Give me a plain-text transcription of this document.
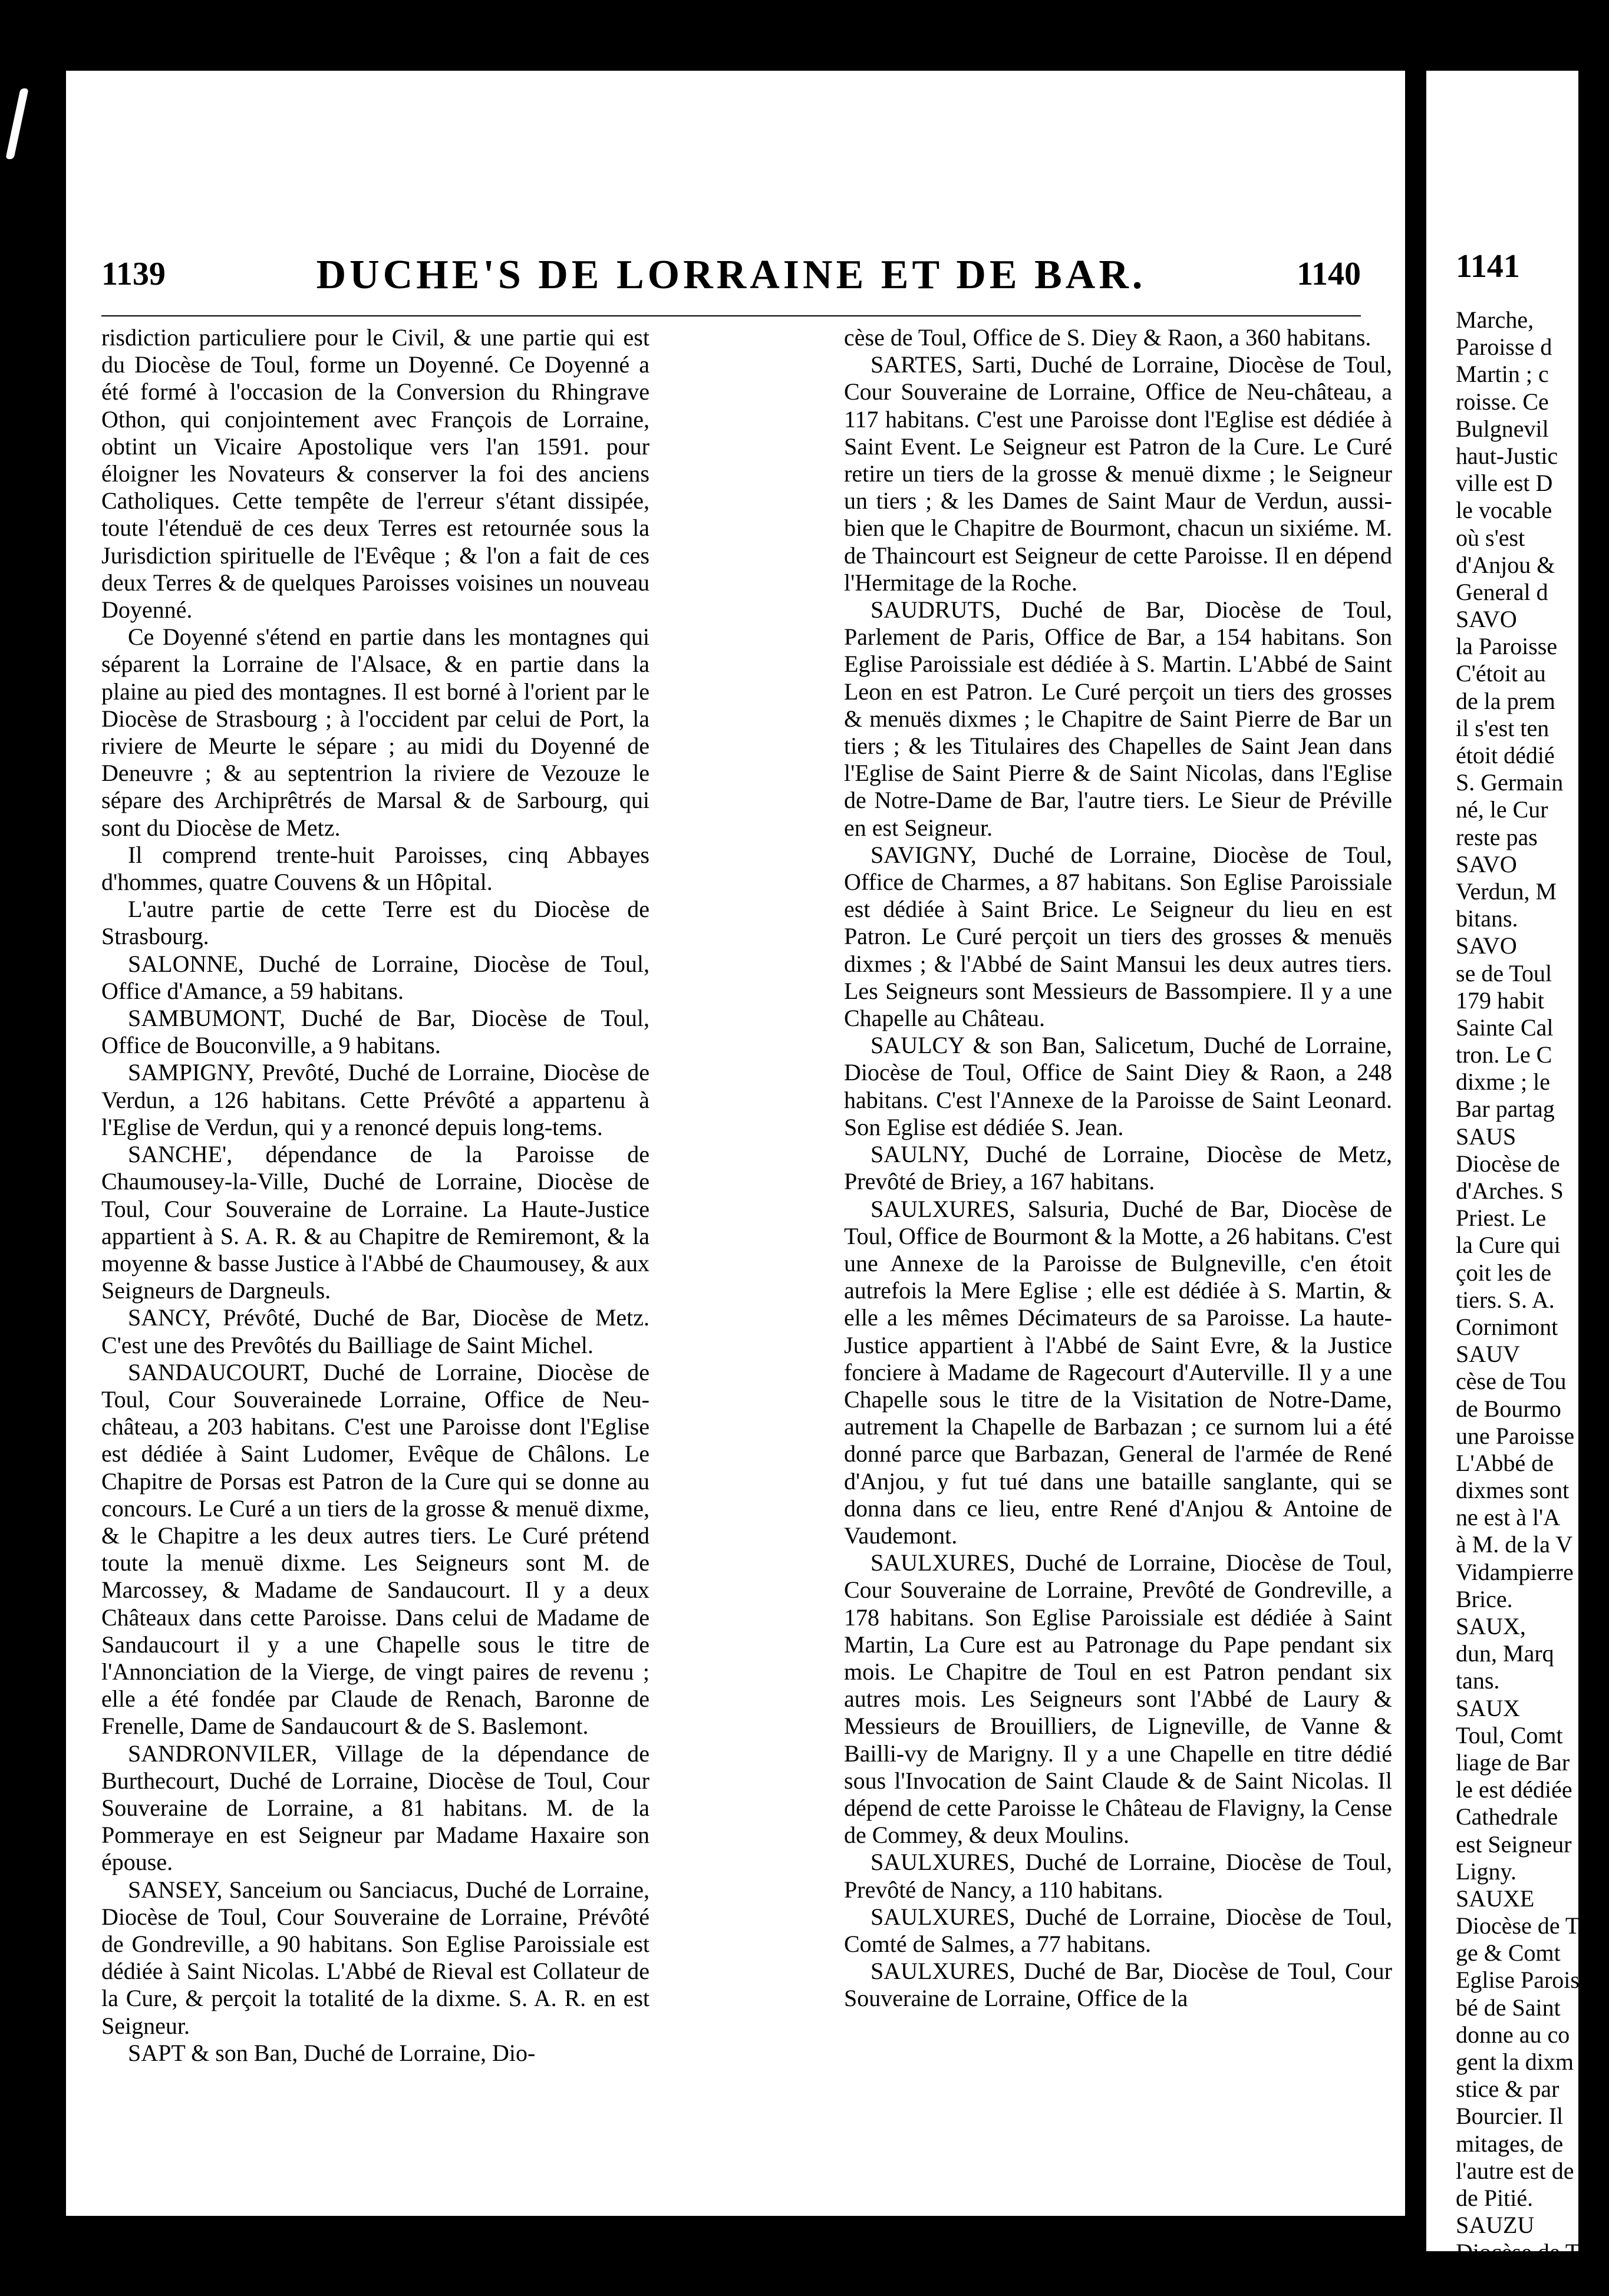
1139	DUCHE'S DE LORRAINE ET DE BAR.	1140

risdiction particuliere pour le Civil, & une partie qui est du Diocèse de Toul, forme un Doyenné. Ce Doyenné a été formé à l'occasion de la Conversion du Rhingrave Othon, qui conjointement avec François de Lorraine, obtint un Vicaire Apostolique vers l'an 1591. pour éloigner les Novateurs & conserver la foi des anciens Catholiques. Cette tempête de l'erreur s'étant dissipée, toute l'étenduë de ces deux Terres est retournée sous la Jurisdiction spirituelle de l'Evêque ; & l'on a fait de ces deux Terres & de quelques Paroisses voisines un nouveau Doyenné.

Ce Doyenné s'étend en partie dans les montagnes qui séparent la Lorraine de l'Alsace, & en partie dans la plaine au pied des montagnes. Il est borné à l'orient par le Diocèse de Strasbourg ; à l'occident par celui de Port, la riviere de Meurte le sépare ; au midi du Doyenné de Deneuvre ; & au septentrion la riviere de Vezouze le sépare des Archiprêtrés de Marsal & de Sarbourg, qui sont du Diocèse de Metz.

Il comprend trente-huit Paroisses, cinq Abbayes d'hommes, quatre Couvens & un Hôpital.

L'autre partie de cette Terre est du Diocèse de Strasbourg.

SALONNE, Duché de Lorraine, Diocèse de Toul, Office d'Amance, a 59 habitans.

SAMBUMONT, Duché de Bar, Diocèse de Toul, Office de Bouconville, a 9 habitans.

SAMPIGNY, Prevôté, Duché de Lorraine, Diocèse de Verdun, a 126 habitans. Cette Prévôté a appartenu à l'Eglise de Verdun, qui y a renoncé depuis long-tems.

SANCHE', dépendance de la Paroisse de Chaumousey-la-Ville, Duché de Lorraine, Diocèse de Toul, Cour Souveraine de Lorraine. La Haute-Justice appartient à S. A. R. & au Chapitre de Remiremont, & la moyenne & basse Justice à l'Abbé de Chaumousey, & aux Seigneurs de Dargneuls.

SANCY, Prévôté, Duché de Bar, Diocèse de Metz. C'est une des Prevôtés du Bailliage de Saint Michel.

SANDAUCOURT, Duché de Lorraine, Diocèse de Toul, Cour Souverainede Lorraine, Office de Neu-château, a 203 habitans. C'est une Paroisse dont l'Eglise est dédiée à Saint Ludomer, Evêque de Châlons. Le Chapitre de Porsas est Patron de la Cure qui se donne au concours. Le Curé a un tiers de la grosse & menuë dixme, & le Chapitre a les deux autres tiers. Le Curé prétend toute la menuë dixme. Les Seigneurs sont M. de Marcossey, & Madame de Sandaucourt. Il y a deux Châteaux dans cette Paroisse. Dans celui de Madame de Sandaucourt il y a une Chapelle sous le titre de l'Annonciation de la Vierge, de vingt paires de revenu ; elle a été fondée par Claude de Renach, Baronne de Frenelle, Dame de Sandaucourt & de S. Baslemont.

SANDRONVILER, Village de la dépendance de Burthecourt, Duché de Lorraine, Diocèse de Toul, Cour Souveraine de Lorraine, a 81 habitans. M. de la Pommeraye en est Seigneur par Madame Haxaire son épouse.

SANSEY, Sanceium ou Sanciacus, Duché de Lorraine, Diocèse de Toul, Cour Souveraine de Lorraine, Prévôté de Gondreville, a 90 habitans. Son Eglise Paroissiale est dédiée à Saint Nicolas. L'Abbé de Rieval est Collateur de la Cure, & perçoit la totalité de la dixme. S. A. R. en est Seigneur.

SAPT & son Ban, Duché de Lorraine, Dio-

cèse de Toul, Office de S. Diey & Raon, a 360 habitans.

SARTES, Sarti, Duché de Lorraine, Diocèse de Toul, Cour Souveraine de Lorraine, Office de Neu-château, a 117 habitans. C'est une Paroisse dont l'Eglise est dédiée à Saint Event. Le Seigneur est Patron de la Cure. Le Curé retire un tiers de la grosse & menuë dixme ; le Seigneur un tiers ; & les Dames de Saint Maur de Verdun, aussi-bien que le Chapitre de Bourmont, chacun un sixiéme. M. de Thaincourt est Seigneur de cette Paroisse. Il en dépend l'Hermitage de la Roche.

SAUDRUTS, Duché de Bar, Diocèse de Toul, Parlement de Paris, Office de Bar, a 154 habitans. Son Eglise Paroissiale est dédiée à S. Martin. L'Abbé de Saint Leon en est Patron. Le Curé perçoit un tiers des grosses & menuës dixmes ; le Chapitre de Saint Pierre de Bar un tiers ; & les Titulaires des Chapelles de Saint Jean dans l'Eglise de Saint Pierre & de Saint Nicolas, dans l'Eglise de Notre-Dame de Bar, l'autre tiers. Le Sieur de Préville en est Seigneur.

SAVIGNY, Duché de Lorraine, Diocèse de Toul, Office de Charmes, a 87 habitans. Son Eglise Paroissiale est dédiée à Saint Brice. Le Seigneur du lieu en est Patron. Le Curé perçoit un tiers des grosses & menuës dixmes ; & l'Abbé de Saint Mansui les deux autres tiers. Les Seigneurs sont Messieurs de Bassompiere. Il y a une Chapelle au Château.

SAULCY & son Ban, Salicetum, Duché de Lorraine, Diocèse de Toul, Office de Saint Diey & Raon, a 248 habitans. C'est l'Annexe de la Paroisse de Saint Leonard. Son Eglise est dédiée S. Jean.

SAULNY, Duché de Lorraine, Diocèse de Metz, Prevôté de Briey, a 167 habitans.

SAULXURES, Salsuria, Duché de Bar, Diocèse de Toul, Office de Bourmont & la Motte, a 26 habitans. C'est une Annexe de la Paroisse de Bulgneville, c'en étoit autrefois la Mere Eglise ; elle est dédiée à S. Martin, & elle a les mêmes Décimateurs de sa Paroisse. La haute-Justice appartient à l'Abbé de Saint Evre, & la Justice fonciere à Madame de Ragecourt d'Auterville. Il y a une Chapelle sous le titre de la Visitation de Notre-Dame, autrement la Chapelle de Barbazan ; ce surnom lui a été donné parce que Barbazan, General de l'armée de René d'Anjou, y fut tué dans une bataille sanglante, qui se donna dans ce lieu, entre René d'Anjou & Antoine de Vaudemont.

SAULXURES, Duché de Lorraine, Diocèse de Toul, Cour Souveraine de Lorraine, Prevôté de Gondreville, a 178 habitans. Son Eglise Paroissiale est dédiée à Saint Martin, La Cure est au Patronage du Pape pendant six mois. Le Chapitre de Toul en est Patron pendant six autres mois. Les Seigneurs sont l'Abbé de Laury & Messieurs de Brouilliers, de Ligneville, de Vanne & Bailli-vy de Marigny. Il y a une Chapelle en titre dédié sous l'Invocation de Saint Claude & de Saint Nicolas. Il dépend de cette Paroisse le Château de Flavigny, la Cense de Commey, & deux Moulins.

SAULXURES, Duché de Lorraine, Diocèse de Toul, Prevôté de Nancy, a 110 habitans.

SAULXURES, Duché de Lorraine, Diocèse de Toul, Comté de Salmes, a 77 habitans.

SAULXURES, Duché de Bar, Diocèse de Toul, Cour Souveraine de Lorraine, Office de la

1141
Marche,
Paroisse d
Martin ; c
roisse. Ce
Bulgnevil
haut-Justic
ville est D
le vocable
où s'est
d'Anjou &
General d
SAVO
la Paroisse
C'étoit au
de la prem
il s'est ten
étoit dédié
S. Germain
né, le Cur
reste pas
SAVO
Verdun, M
bitans.
SAVO
se de Toul
179 habit
Sainte Cal
tron. Le C
dixme ; le
Bar partag
SAUS
Diocèse de
d'Arches. S
Priest. Le
la Cure qui
çoit les de
tiers. S. A.
Cornimont
SAUV
cèse de Tou
de Bourmo
une Paroisse
L'Abbé de
dixmes sont
ne est à l'A
à M. de la V
Vidampierre
Brice.
SAUX,
dun, Marq
tans.
SAUX
Toul, Comt
liage de Bar
le est dédiée
Cathedrale
est Seigneur
Ligny.
SAUXE
Diocèse de T
ge & Comt
Eglise Parois
bé de Saint
donne au co
gent la dixm
stice & par
Bourcier. Il
mitages, de
l'autre est de
de Pitié.
SAUZU
Diocèse de T
